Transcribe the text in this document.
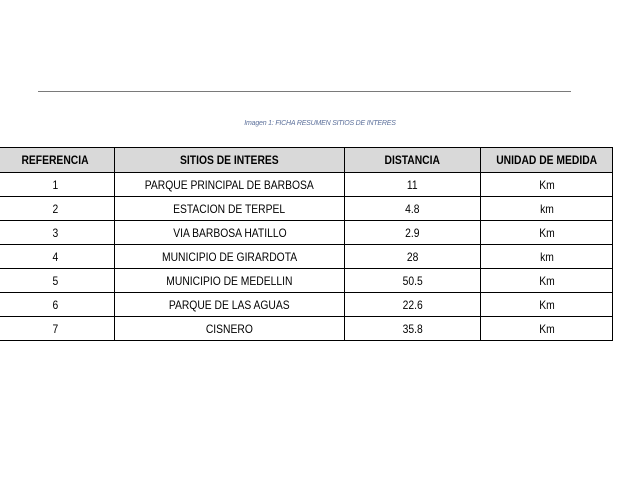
Imagen 1: FICHA RESUMEN SITIOS DE INTERES
REFERENCIA	SITIOS DE INTERES	DISTANCIA	UNIDAD DE MEDIDA
1	PARQUE PRINCIPAL DE BARBOSA	11	Km
2	ESTACION DE TERPEL	4.8	km
3	VIA BARBOSA HATILLO	2.9	Km
4	MUNICIPIO DE GIRARDOTA	28	km
5	MUNICIPIO DE MEDELLIN	50.5	Km
6	PARQUE DE LAS AGUAS	22.6	Km
7	CISNERO	35.8	Km
